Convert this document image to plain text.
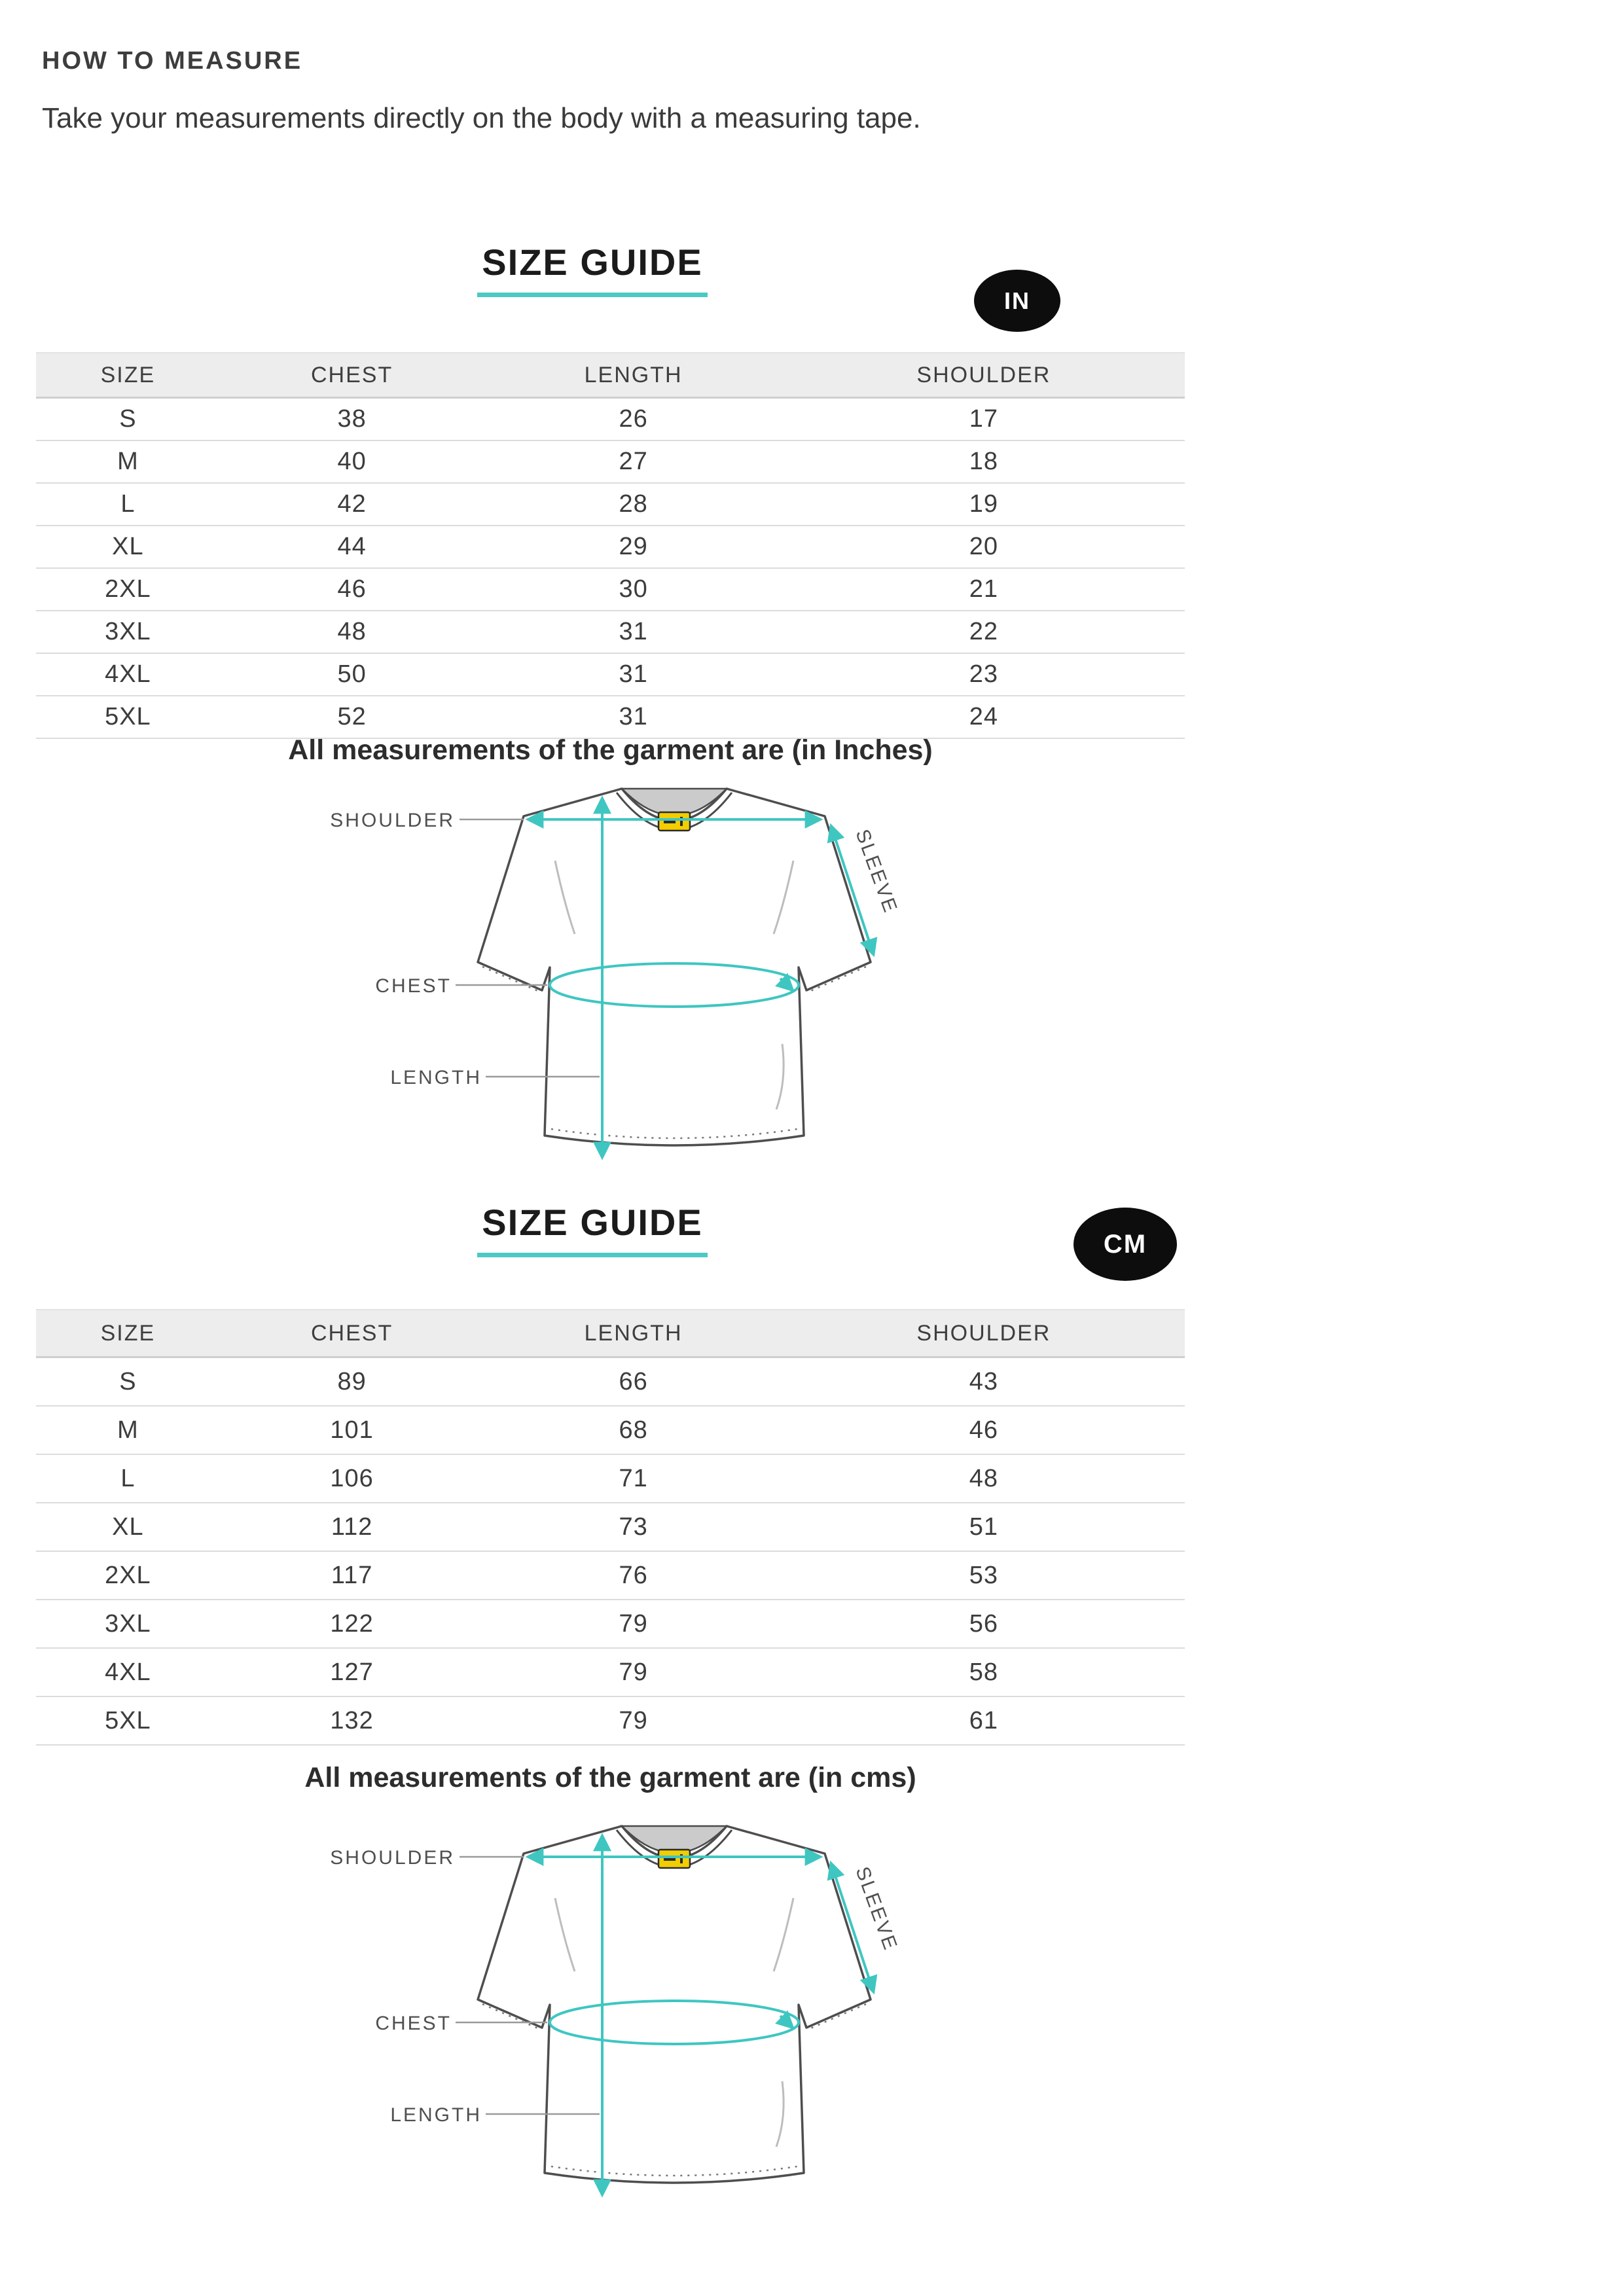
HOW TO MEASURE
Take your measurements directly on the body with a measuring tape.
SIZE GUIDE
IN
SIZE	CHEST	LENGTH	SHOULDER
S	38	26	17
M	40	27	18
L	42	28	19
XL	44	29	20
2XL	46	30	21
3XL	48	31	22
4XL	50	31	23
5XL	52	31	24
All measurements of the garment are (in Inches)
SHOULDER
CHEST
LENGTH
SLEEVE
SIZE GUIDE
CM
SIZE	CHEST	LENGTH	SHOULDER
S	89	66	43
M	101	68	46
L	106	71	48
XL	112	73	51
2XL	117	76	53
3XL	122	79	56
4XL	127	79	58
5XL	132	79	61
All measurements of the garment are (in cms)
SHOULDER
CHEST
LENGTH
SLEEVE
